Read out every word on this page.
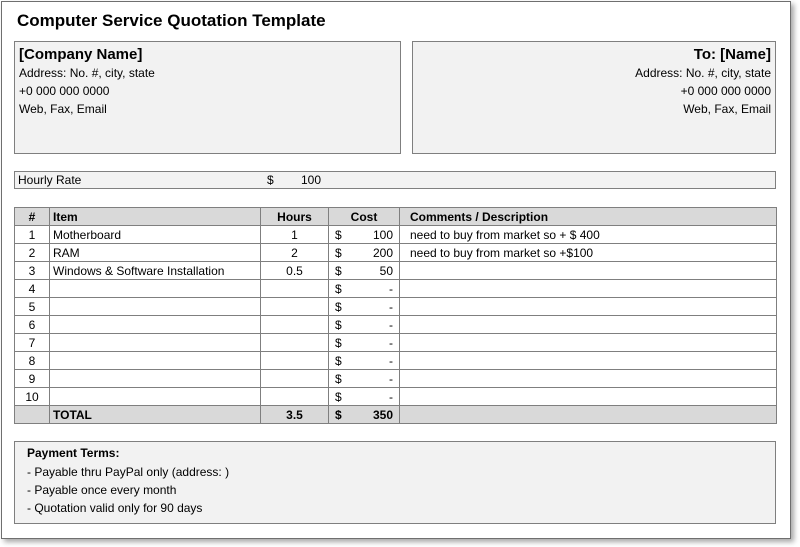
Computer Service Quotation Template
[Company Name]
Address: No. #, city, state
+0 000 000 0000
Web, Fax, Email
To: [Name]
Address: No. #, city, state
+0 000 000 0000
Web, Fax, Email
Hourly Rate	$ 100
#	Item	Hours	Cost	Comments / Description
1	Motherboard	1	$ 100	need to buy from market so + $ 400
2	RAM	2	$ 200	need to buy from market so +$100
3	Windows & Software Installation	0.5	$ 50	

4			$ -	

5			$ -	

6			$ -	

7			$ -	

8			$ -	

9			$ -	

10			$ -	

	TOTAL	3.5	$ 350	

Payment Terms:
- Payable thru PayPal only (address: )
- Payable once every month
- Quotation valid only for 90 days
